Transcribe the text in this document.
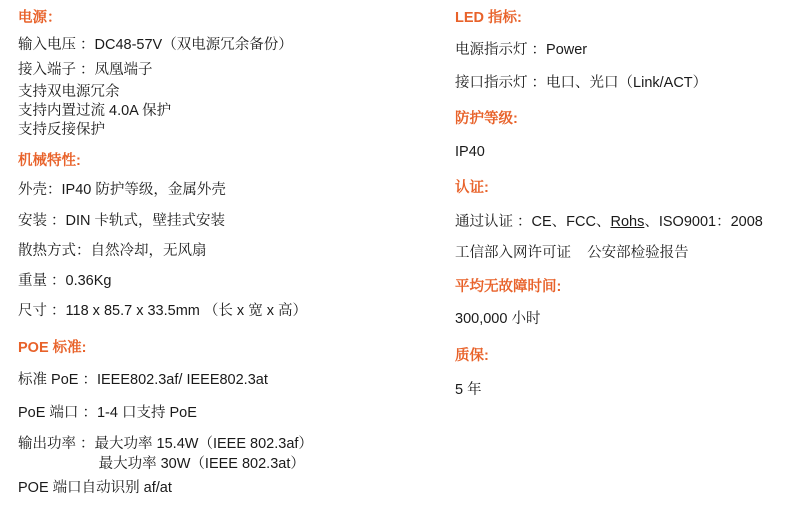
电源：
输入电压 ：DC48-57V（双电源冗余备份）
接入端子 ：凤凰端子
支持双电源冗余
支持内置过流 4.0A 保护
支持反接保护
机械特性:
外壳：IP40 防护等级，金属外壳
安装 ：DIN 卡轨式，壁挂式安装
散热方式：自然冷却，无风扇
重量 ：0.36Kg
尺寸 ：118 x 85.7 x 33.5mm （长 x 宽 x 高）
POE 标准:
标准 PoE ：IEEE802.3af/ IEEE802.3at
PoE 端口 ：1-4 口支持 PoE
输出功率 ：最大功率 15.4W（IEEE 802.3af）
最大功率 30W（IEEE 802.3at）
POE 端口自动识别 af/at
LED 指标:
电源指示灯 ：Power
接口指示灯 ：电口、光口（Link/ACT）
防护等级:
IP40
认证:
通过认证 ：CE、FCC、Rohs、ISO9001：2008
工信部入网许可证    公安部检验报告
平均无故障时间:
300,000 小时
质保:
5 年
